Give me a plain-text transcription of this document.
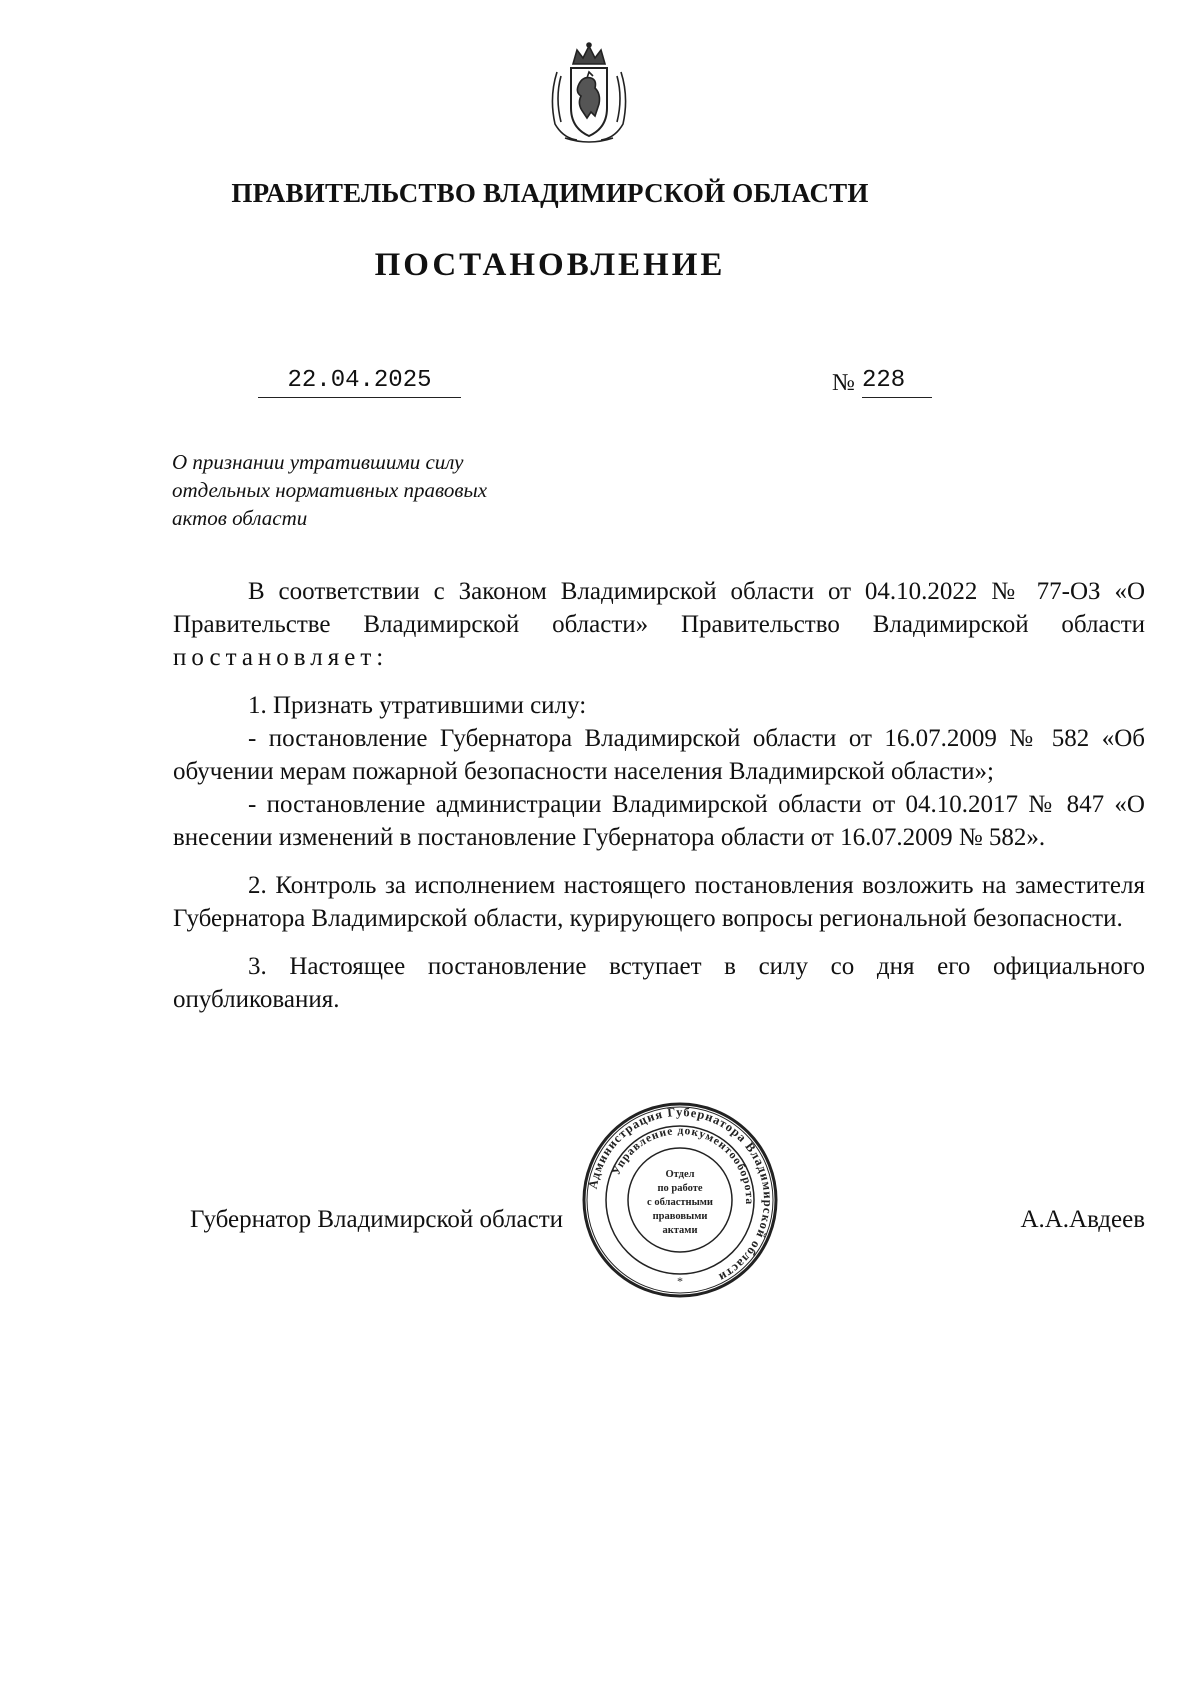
ПРАВИТЕЛЬСТВО ВЛАДИМИРСКОЙ ОБЛАСТИ
ПОСТАНОВЛЕНИЕ
22.04.2025	№ 228
О признании утратившими силу
отдельных нормативных правовых
актов области

В соответствии с Законом Владимирской области от 04.10.2022 № 77-ОЗ «О Правительстве Владимирской области» Правительство Владимирской области постановляет:

1. Признать утратившими силу:

- постановление Губернатора Владимирской области от 16.07.2009 № 582 «Об обучении мерам пожарной безопасности населения Владимирской области»;

- постановление администрации Владимирской области от 04.10.2017 № 847 «О внесении изменений в постановление Губернатора области от 16.07.2009 № 582».

2. Контроль за исполнением настоящего постановления возложить на заместителя Губернатора Владимирской области, курирующего вопросы региональной безопасности.

3. Настоящее постановление вступает в силу со дня его официального опубликования.

Губернатор Владимирской области	А.А.Авдеев
Администрация Губернатора Владимирской области
Управление документооборота
Отдел
по работе
с областными
правовыми
актами
*
